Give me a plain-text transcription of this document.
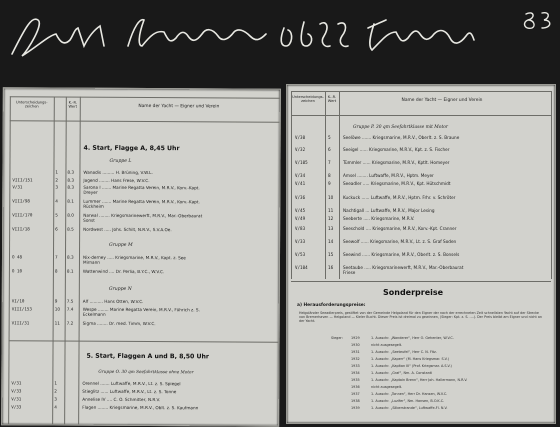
Letzte Nordseewoche 1939 Fortsetzung
83
Unterscheidungs-zeichen
K.-R. Wert	Name der Yacht — Eigner und Verein
4. Start, Flagge A, 8,45 Uhr
Gruppe L
1 8.3 Wanadis ......... H. Brüning, V.W.L.
VIII/151	2 8.3 Jagend ........ Hans Frese, W.V.C.
V/31	3 8.3 Sarona I ....... Marine Regatta Verein, M.R.V., Korv.-Kapt. Dreyer
VIII/98	4 8.1 Lummer ....... Marine Regatta Verein, M.R.V., Korv.-Kapt. Rückheim
VIII/170	5 8.0 Narwal ........ Kriegsmarinewerft, M.R.V., Mar.-Oberbaurat Sonst
VIII/18	6 8.5 Nordwest ..... Johs. Schilt, N.R.V., S.V.A.Oe.
Gruppe M
O 48	7 8.3 Nix-derney ..... Kriegsmarine, M.R.V., Kapt. z. See Mirnann
O 10	8 8.1 Wattenwind .... Dr. Perlia, B.Y.C., W.V.C.
Gruppe N
VI/10	9 7.5 Alf .......... Hans Otten, W.V.C.
VIII/153	10 7.4 Wespe ........ Marine Regatta Verein, M.R.V., Führich z. S. Eckelmann
VIII/31	11 7.2 Sigma ........ Dr. med. Timm, W.V.C.
5. Start, Flaggen A und B, 8,50 Uhr
Gruppe O. 30 qm Seefahrtklasse ohne Motor
V/31	1	Orennel ....... Luftwaffe, M.R.V., Lt. z. S. Spiegel
V/33	2	Stieglitz ...... Luftwaffe, M.R.V., Lt. z. S. Tonne
V/31	3	Annelise IV .... C. O. Schmitter, N.R.V.
V/33	4	Flagen ........ Kriegsmarine, M.R.V., Oblt. z. S. Kaufmann
Unterscheidungs-zeichen
K.-R. Wert	Name der Yacht — Eigner und Verein
Gruppe P. 30 qm Seefahrtklasse mit Motor
V/30	5	Seelöwe ....... Kriegsmarine, M.R.V., Oberlt. z. S. Braune
V/32	6	Seeigel ...... Kriegsmarine, M.R.V., Kpt. z. S. Fischer
V/105	7	Tümmler ...... Kriegsmarine, M.R.V., Kptlt. Homeyer
V/34	8	Amsel ........ Luftwaffe, M.R.V., Hptm. Meyer
V/41	9	Seeadler ..... Kriegsmarine, M.R.V., Kpt. Hütschmidt
V/36	10 Kuckuck ...... Luftwaffe, M.R.V., Hptm. Frhr. v. Schröter
V/45	11 Nachtigall ... Luftwaffe, M.R.V., Major Lesing
V/49	12 Seeberte ..... Kriegsmarine, M.R.V.
V/83	13 Seeschold .... Kriegsmarine, M.R.V., Korv.-Kpt. Cranner
V/33	14 Seewolf ...... Kriegsmarine, M.R.V., Lt. z. S. Graf Soden
V/53	15 Seewind ...... Kriegsmarine, M.R.V., Oberlt. z. S. Bonsels
V/104	16 Seetaube ..... Kriegsmarinewerft, M.R.V., Mar.-Oberbaurat Friese
Sonderpreise
a) Herausforderungspreise:
Helgoländer Seeadlerpreis, gestiftet von der Gemeinde Helgoland für den Eigner der nach der errechneten Zeit schnellsten Yacht auf der Strecke von Bremerhaven — Helgoland — Kieler Bucht. Dieser Preis ist dreimal zu gewinnen, (Sieger: Kpt. z. S. ....). Der Preis bleibt am Eigner und nicht an der Yacht.
Sieger: 1929	1. Ausschr. „Wanderer“, Herr O. Gehenter, W.V.C.
1930	nicht ausgesegelt.
1931	1. Ausschr. „Seeteufel“, Herr C. N. Fitz.
1932	1. Ausschr. „Kaperr“ (M. Hans Kriegsmar. S.V.)
1933	1. Ausschr. „Kapitan III“ (Prof. Kriegsmar. A.S.V.)
1934	1. Ausschr. „Graf“, Nm. A. Constanti
1935	1. Ausschr. „Kaptain Brenn“, Herr Joh. Hallermann, N.R.V.
1936	nicht ausgesegelt.
1937	1. Ausschr. „Tonnen“, Herr Dr. Hansen, W.V.C.
1938	1. Ausschr. „Luzifer“, Nm. Hansen, B.O.K.C.
1939	1. Ausschr. „Silberstrande“, Luftwaffe-Fl. N.V.
